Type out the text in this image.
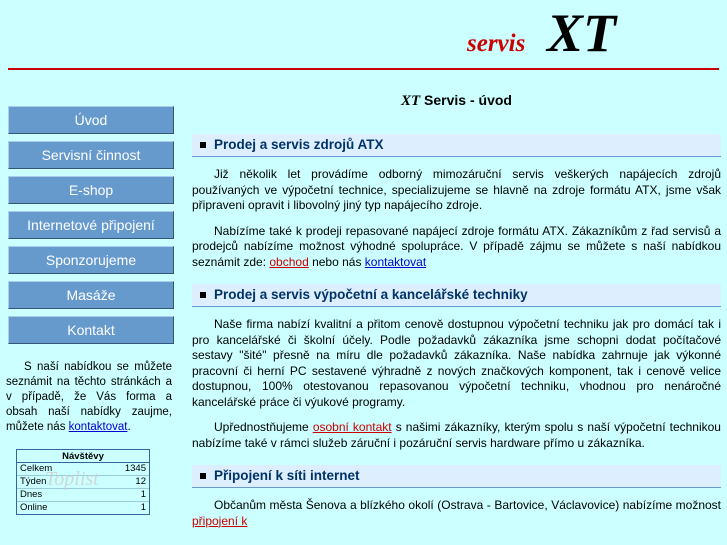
servis XT
Úvod
Servisní činnost
E-shop
Internetové připojení
Sponzorujeme
Masáže
Kontakt
S naší nabídkou se můžete seznámit na těchto stránkách a v případě, že Vás forma a obsah naší nabídky zaujme, můžete nás kontaktovat.
Návštěvy
Toplist
Celkem	1345
Týden	12
Dnes	1
Online	1
XT Servis - úvod
Prodej a servis zdrojů ATX

Již několik let provádíme odborný mimozáruční servis veškerých napájecích zdrojů používaných ve výpočetní technice, specializujeme se hlavně na zdroje formátu ATX, jsme však připraveni opravit i libovolný jiný typ napájecího zdroje.

Nabízíme také k prodeji repasované napájecí zdroje formátu ATX. Zákazníkům z řad servisů a prodejců nabízíme možnost výhodné spolupráce. V případě zájmu se můžete s naší nabídkou seznámit zde: obchod nebo nás kontaktovat

Prodej a servis výpočetní a kancelářské techniky

Naše firma nabízí kvalitní a přitom cenově dostupnou výpočetní techniku jak pro domácí tak i pro kancelářské či školní účely. Podle požadavků zákazníka jsme schopni dodat počítačové sestavy "šité" přesně na míru dle požadavků zákazníka. Naše nabídka zahrnuje jak výkonné pracovní či herní PC sestavené výhradně z nových značkových komponent, tak i cenově velice dostupnou, 100% otestovanou repasovanou výpočetní techniku, vhodnou pro nenáročné kancelářské práce či výukové programy.

Upřednostňujeme osobní kontakt s našimi zákazníky, kterým spolu s naší výpočetní technikou nabízíme také v rámci služeb záruční i pozáruční servis hardware přímo u zákazníka.

Připojení k síti internet

Občanům města Šenova a blízkého okolí (Ostrava - Bartovice, Václavovice) nabízíme možnost připojení k
